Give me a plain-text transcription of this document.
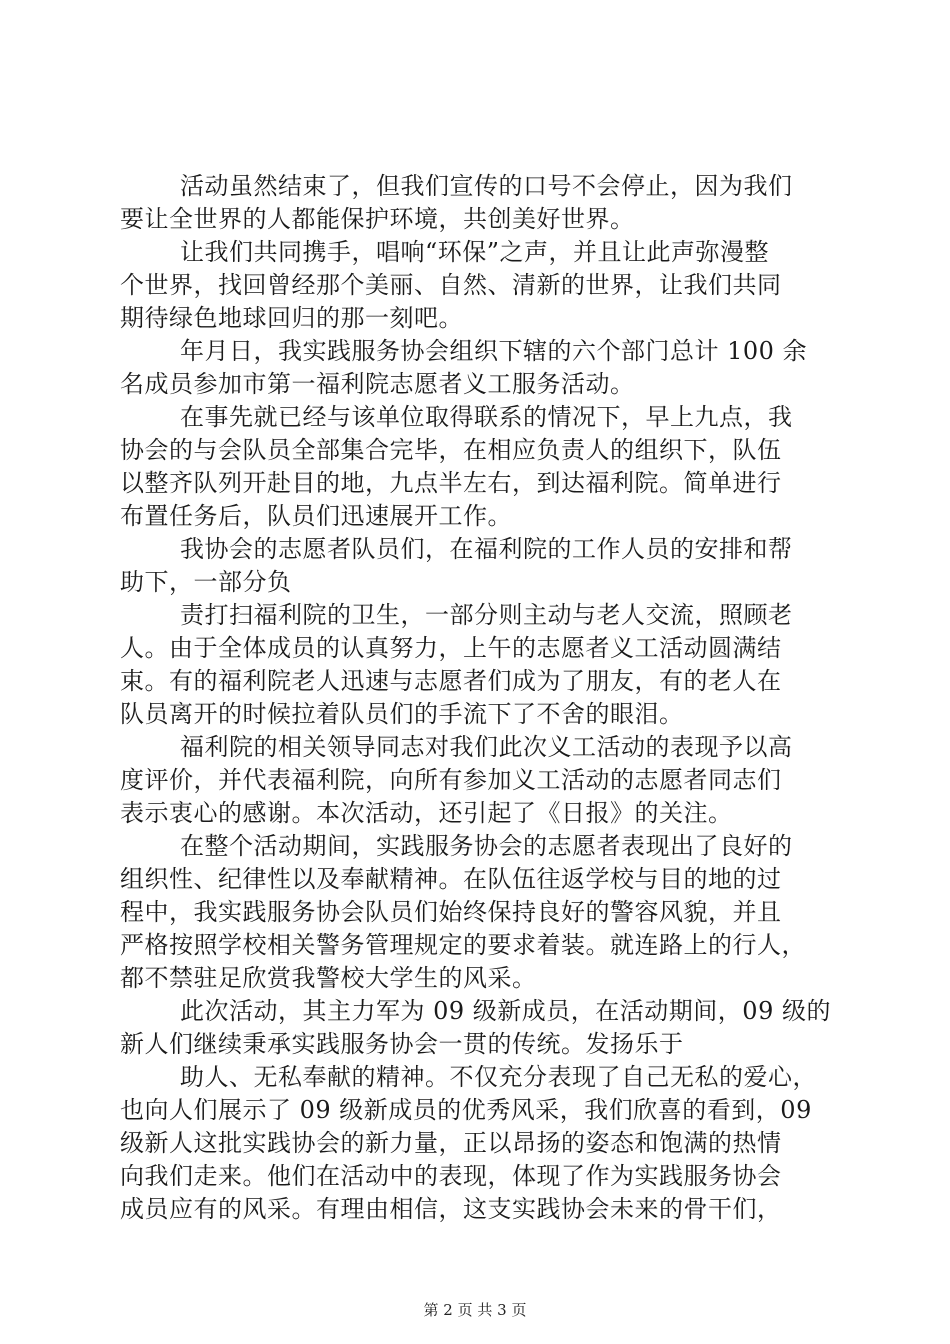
活动虽然结束了，但我们宣传的口号不会停止，因为我们
要让全世界的人都能保护环境，共创美好世界。
让我们共同携手，唱响“环保”之声，并且让此声弥漫整
个世界，找回曾经那个美丽、自然、清新的世界，让我们共同
期待绿色地球回归的那一刻吧。
年月日，我实践服务协会组织下辖的六个部门总计 100 余
名成员参加市第一福利院志愿者义工服务活动。
在事先就已经与该单位取得联系的情况下，早上九点，我
协会的与会队员全部集合完毕，在相应负责人的组织下，队伍
以整齐队列开赴目的地，九点半左右，到达福利院。简单进行
布置任务后，队员们迅速展开工作。
我协会的志愿者队员们，在福利院的工作人员的安排和帮
助下，一部分负
责打扫福利院的卫生，一部分则主动与老人交流，照顾老
人。由于全体成员的认真努力，上午的志愿者义工活动圆满结
束。有的福利院老人迅速与志愿者们成为了朋友，有的老人在
队员离开的时候拉着队员们的手流下了不舍的眼泪。
福利院的相关领导同志对我们此次义工活动的表现予以高
度评价，并代表福利院，向所有参加义工活动的志愿者同志们
表示衷心的感谢。本次活动，还引起了《日报》的关注。
在整个活动期间，实践服务协会的志愿者表现出了良好的
组织性、纪律性以及奉献精神。在队伍往返学校与目的地的过
程中，我实践服务协会队员们始终保持良好的警容风貌，并且
严格按照学校相关警务管理规定的要求着装。就连路上的行人，
都不禁驻足欣赏我警校大学生的风采。
此次活动，其主力军为 09 级新成员，在活动期间，09 级的
新人们继续秉承实践服务协会一贯的传统。发扬乐于
助人、无私奉献的精神。不仅充分表现了自己无私的爱心，
也向人们展示了 09 级新成员的优秀风采，我们欣喜的看到，09
级新人这批实践协会的新力量，正以昂扬的姿态和饱满的热情
向我们走来。他们在活动中的表现，体现了作为实践服务协会
成员应有的风采。有理由相信，这支实践协会未来的骨干们，
第 2 页 共 3 页
